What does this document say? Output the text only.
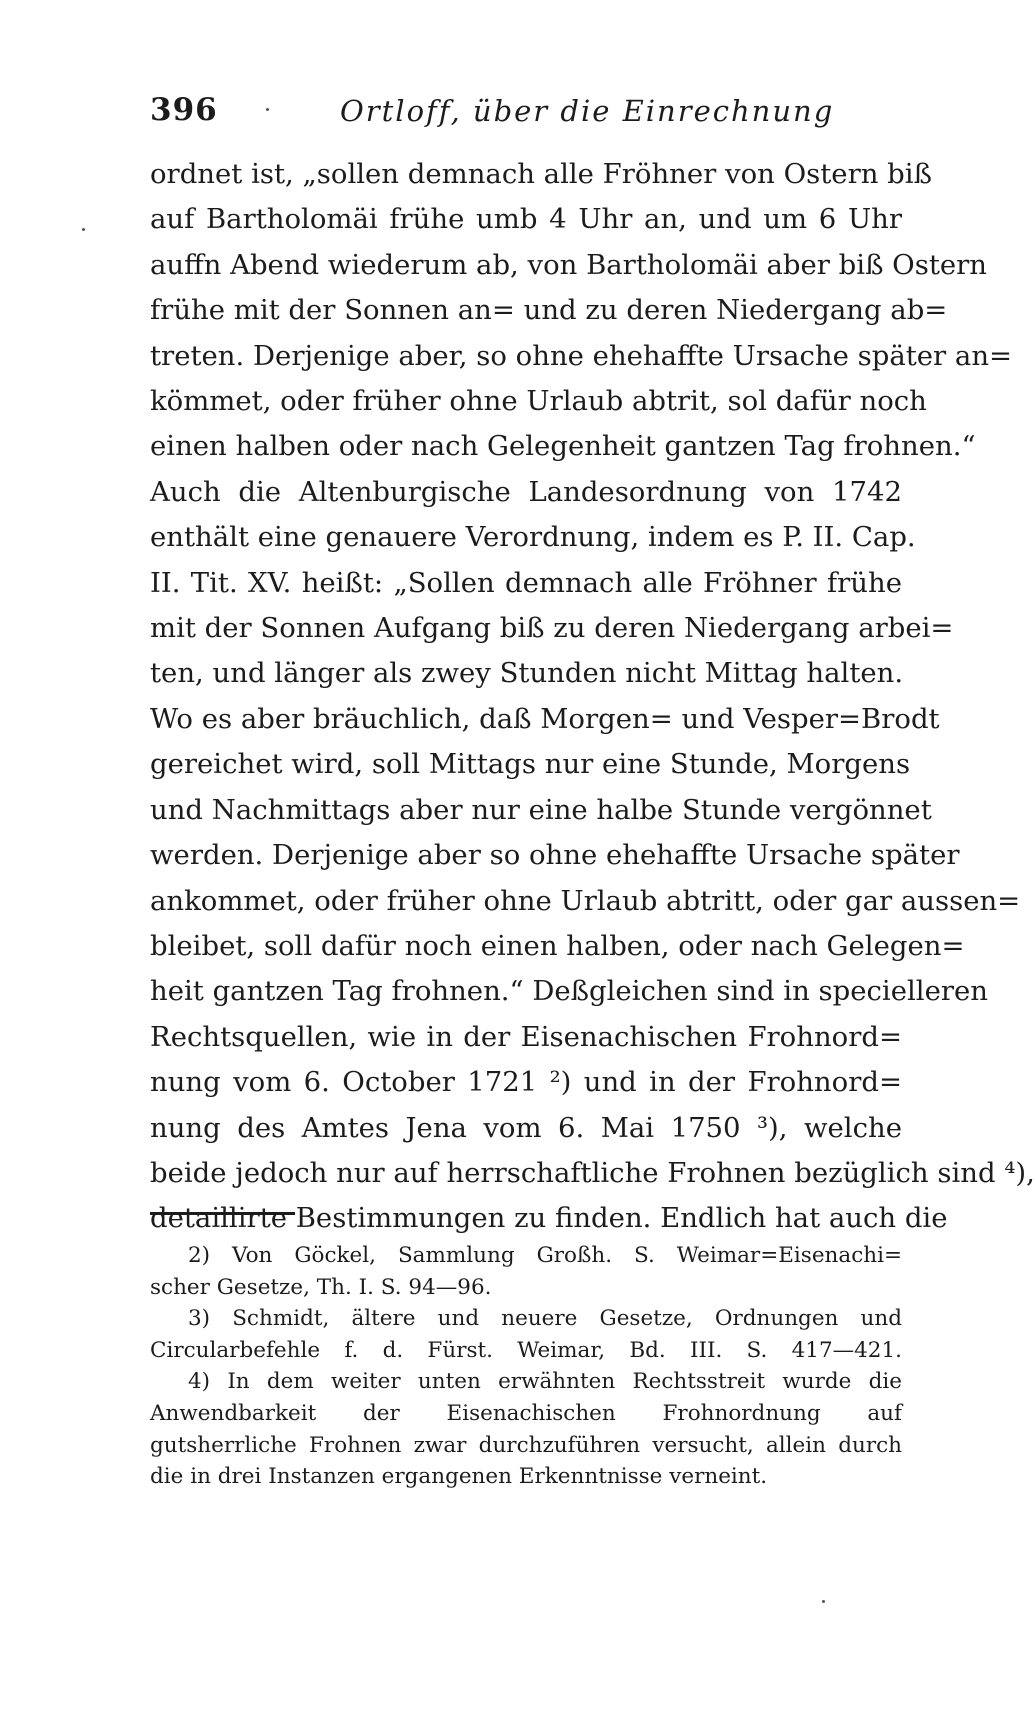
396	Ortloff, über die Einrechnung
ordnet ist, „sollen demnach alle Fröhner von Ostern biß
auf Bartholomäi frühe umb 4 Uhr an, und um 6 Uhr
auffn Abend wiederum ab, von Bartholomäi aber biß Ostern
frühe mit der Sonnen an= und zu deren Niedergang ab=
treten. Derjenige aber, so ohne ehehaffte Ursache später an=
kömmet, oder früher ohne Urlaub abtrit, sol dafür noch
einen halben oder nach Gelegenheit gantzen Tag frohnen.“
Auch die Altenburgische Landesordnung von 1742
enthält eine genauere Verordnung, indem es P. II. Cap.
II. Tit. XV. heißt: „Sollen demnach alle Fröhner frühe
mit der Sonnen Aufgang biß zu deren Niedergang arbei=
ten, und länger als zwey Stunden nicht Mittag halten.
Wo es aber bräuchlich, daß Morgen= und Vesper=Brodt
gereichet wird, soll Mittags nur eine Stunde, Morgens
und Nachmittags aber nur eine halbe Stunde vergönnet
werden. Derjenige aber so ohne ehehaffte Ursache später
ankommet, oder früher ohne Urlaub abtritt, oder gar aussen=
bleibet, soll dafür noch einen halben, oder nach Gelegen=
heit gantzen Tag frohnen.“ Deßgleichen sind in specielleren
Rechtsquellen, wie in der Eisenachischen Frohnord=
nung vom 6. October 1721 ²) und in der Frohnord=
nung des Amtes Jena vom 6. Mai 1750 ³), welche
beide jedoch nur auf herrschaftliche Frohnen bezüglich sind ⁴),
detaillirte Bestimmungen zu finden. Endlich hat auch die
2) Von Göckel, Sammlung Großh. S. Weimar=Eisenachi=
scher Gesetze, Th. I. S. 94—96.
3) Schmidt, ältere und neuere Gesetze, Ordnungen und
Circularbefehle f. d. Fürst. Weimar, Bd. III. S. 417—421.
4) In dem weiter unten erwähnten Rechtsstreit wurde die
Anwendbarkeit der Eisenachischen Frohnordnung auf
gutsherrliche Frohnen zwar durchzuführen versucht, allein durch
die in drei Instanzen ergangenen Erkenntnisse verneint.
